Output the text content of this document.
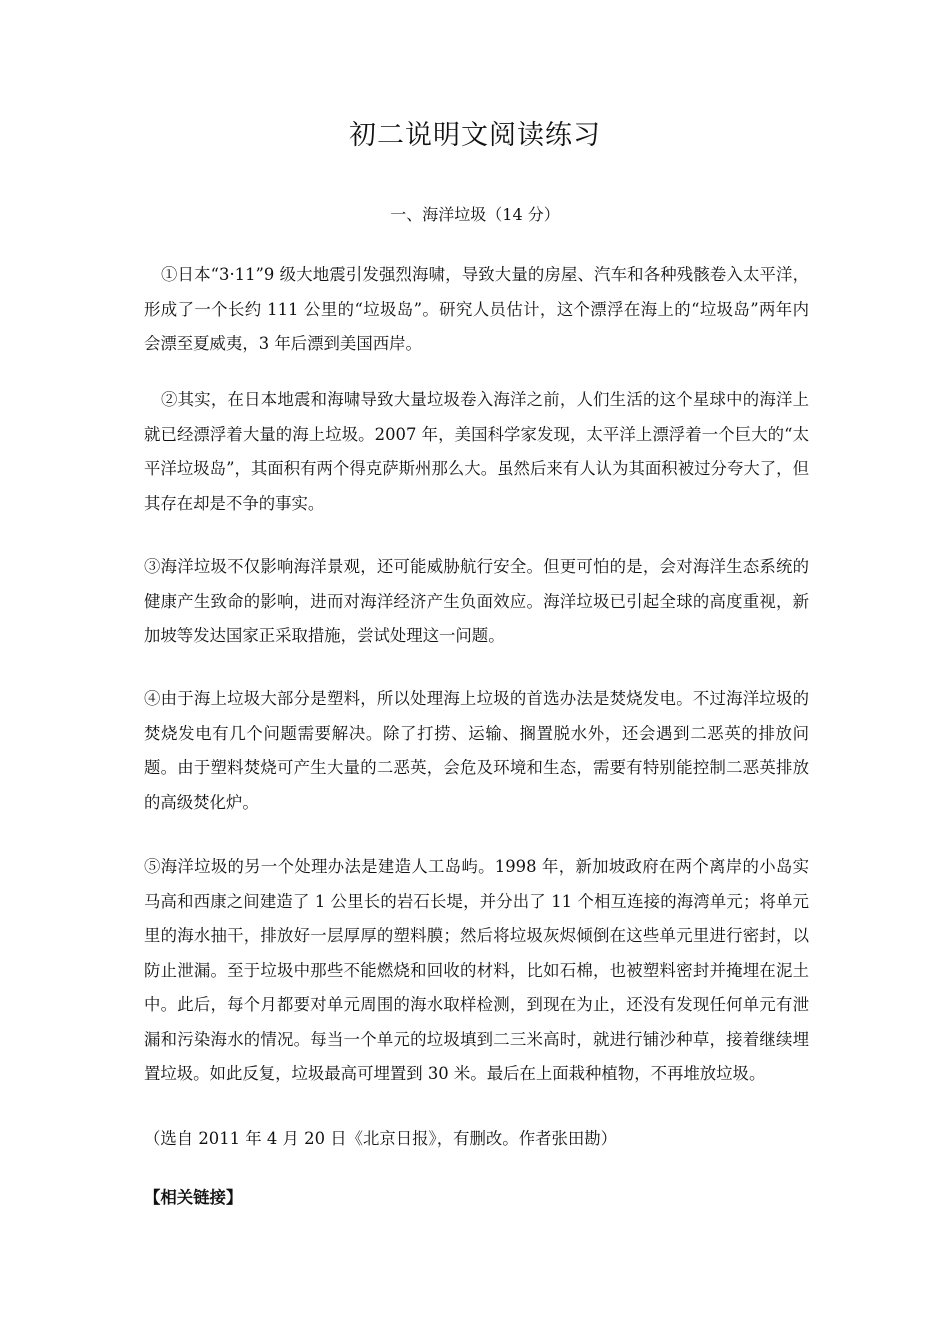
初二说明文阅读练习
一、海洋垃圾（14 分）

①日本“3·11”9 级大地震引发强烈海啸，导致大量的房屋、汽车和各种残骸卷入太平洋，形成了一个长约 111 公里的“垃圾岛”。研究人员估计，这个漂浮在海上的“垃圾岛”两年内会漂至夏威夷，3 年后漂到美国西岸。

②其实，在日本地震和海啸导致大量垃圾卷入海洋之前，人们生活的这个星球中的海洋上就已经漂浮着大量的海上垃圾。2007 年，美国科学家发现，太平洋上漂浮着一个巨大的“太平洋垃圾岛”，其面积有两个得克萨斯州那么大。虽然后来有人认为其面积被过分夸大了，但其存在却是不争的事实。

③海洋垃圾不仅影响海洋景观，还可能威胁航行安全。但更可怕的是，会对海洋生态系统的健康产生致命的影响，进而对海洋经济产生负面效应。海洋垃圾已引起全球的高度重视，新加坡等发达国家正采取措施，尝试处理这一问题。

④由于海上垃圾大部分是塑料，所以处理海上垃圾的首选办法是焚烧发电。不过海洋垃圾的焚烧发电有几个问题需要解决。除了打捞、运输、搁置脱水外，还会遇到二恶英的排放问题。由于塑料焚烧可产生大量的二恶英，会危及环境和生态，需要有特别能控制二恶英排放的高级焚化炉。

⑤海洋垃圾的另一个处理办法是建造人工岛屿。1998 年，新加坡政府在两个离岸的小岛实马高和西康之间建造了 1 公里长的岩石长堤，并分出了 11 个相互连接的海湾单元；将单元里的海水抽干，排放好一层厚厚的塑料膜；然后将垃圾灰烬倾倒在这些单元里进行密封，以防止泄漏。至于垃圾中那些不能燃烧和回收的材料，比如石棉，也被塑料密封并掩埋在泥土中。此后，每个月都要对单元周围的海水取样检测，到现在为止，还没有发现任何单元有泄漏和污染海水的情况。每当一个单元的垃圾填到二三米高时，就进行铺沙种草，接着继续埋置垃圾。如此反复，垃圾最高可埋置到 30 米。最后在上面栽种植物，不再堆放垃圾。

（选自 2011 年 4 月 20 日《北京日报》，有删改。作者张田勘）
【相关链接】
